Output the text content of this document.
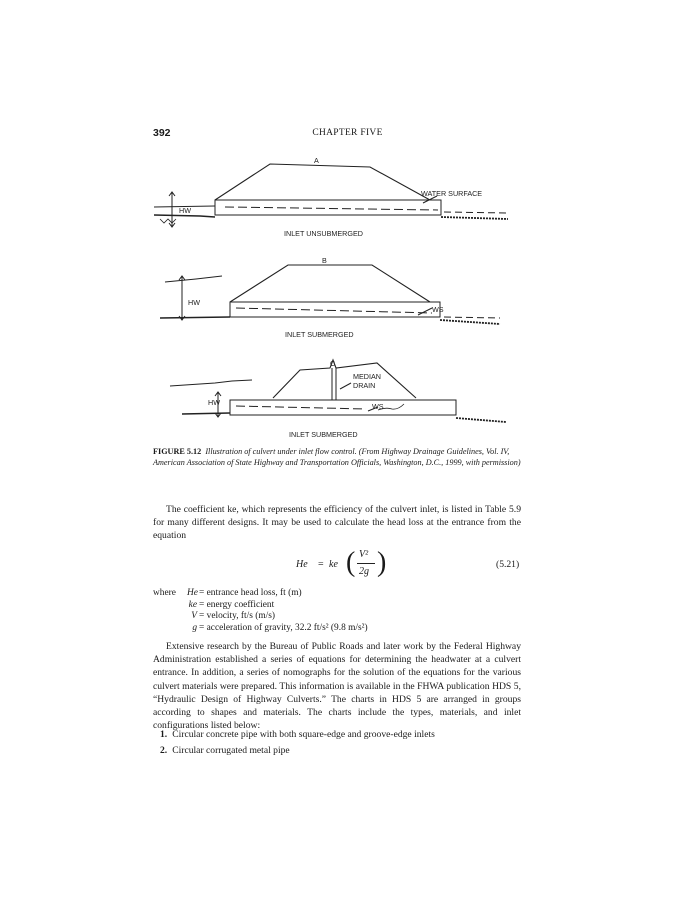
392	CHAPTER FIVE
A
HW
WATER SURFACE
INLET UNSUBMERGED
B
HW
WS
INLET SUBMERGED
C
HW	WS
MEDIAN
DRAIN
INLET SUBMERGED
FIGURE 5.12 Illustration of culvert under inlet flow control. (From Highway Drainage Guidelines, Vol. IV, American Association of State Highway and Transportation Officials, Washington, D.C., 1999, with permission)

The coefficient ke, which represents the efficiency of the culvert inlet, is listed in Table 5.9 for many different designs. It may be used to calculate the head loss at the entrance from the equation

He = ke ( V²
2g )	(5.21)
where	He = entrance head loss, ft (m)
ke = energy coefficient
V = velocity, ft/s (m/s)
g = acceleration of gravity, 32.2 ft/s² (9.8 m/s²)

Extensive research by the Bureau of Public Roads and later work by the Federal Highway Administration established a series of equations for determining the headwater at a culvert entrance. In addition, a series of nomographs for the solution of the equations for the various culvert materials were prepared. This information is available in the FHWA publication HDS 5, “Hydraulic Design of Highway Culverts.” The charts in HDS 5 are arranged in groups according to shapes and materials. The charts include the types, materials, and inlet configurations listed below:

1. Circular concrete pipe with both square-edge and groove-edge inlets
2. Circular corrugated metal pipe
